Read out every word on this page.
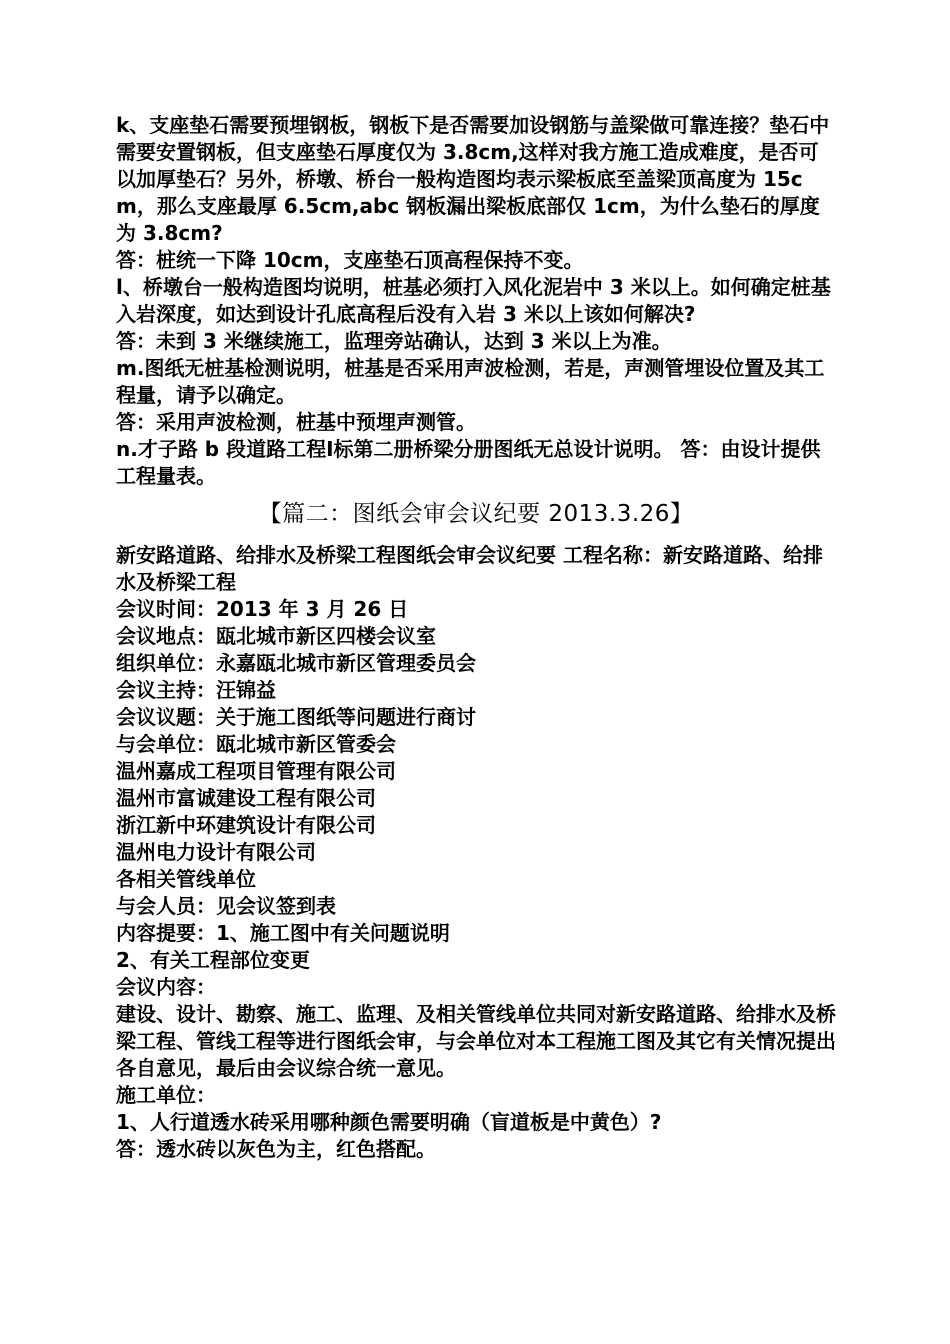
k、支座垫石需要预埋钢板，钢板下是否需要加设钢筋与盖梁做可靠连接？垫石中需要安置钢板，但支座垫石厚度仅为 3.8cm,这样对我方施工造成难度，是否可以加厚垫石？另外，桥墩、桥台一般构造图均表示梁板底至盖梁顶高度为 15cm，那么支座最厚 6.5cm,abc 钢板漏出梁板底部仅 1cm，为什么垫石的厚度为 3.8cm?

答：桩统一下降 10cm，支座垫石顶高程保持不变。

l、桥墩台一般构造图均说明，桩基必须打入风化泥岩中 3 米以上。如何确定桩基入岩深度，如达到设计孔底高程后没有入岩 3 米以上该如何解决?

答：未到 3 米继续施工，监理旁站确认，达到 3 米以上为准。

m.图纸无桩基检测说明，桩基是否采用声波检测，若是，声测管埋设位置及其工程量，请予以确定。

答：采用声波检测，桩基中预埋声测管。

n.才子路 b 段道路工程Ⅰ标第二册桥梁分册图纸无总设计说明。 答：由设计提供工程量表。

【篇二：图纸会审会议纪要 2013.3.26】

新安路道路、给排水及桥梁工程图纸会审会议纪要 工程名称：新安路道路、给排水及桥梁工程

会议时间：2013 年 3 月 26 日

会议地点：瓯北城市新区四楼会议室

组织单位：永嘉瓯北城市新区管理委员会

会议主持：汪锦益

会议议题：关于施工图纸等问题进行商讨

与会单位：瓯北城市新区管委会

温州嘉成工程项目管理有限公司

温州市富诚建设工程有限公司

浙江新中环建筑设计有限公司

温州电力设计有限公司

各相关管线单位

与会人员：见会议签到表

内容提要：1、施工图中有关问题说明

2、有关工程部位变更

会议内容：

建设、设计、勘察、施工、监理、及相关管线单位共同对新安路道路、给排水及桥梁工程、管线工程等进行图纸会审，与会单位对本工程施工图及其它有关情况提出各自意见，最后由会议综合统一意见。

施工单位：

1、人行道透水砖采用哪种颜色需要明确（盲道板是中黄色）?

答：透水砖以灰色为主，红色搭配。
